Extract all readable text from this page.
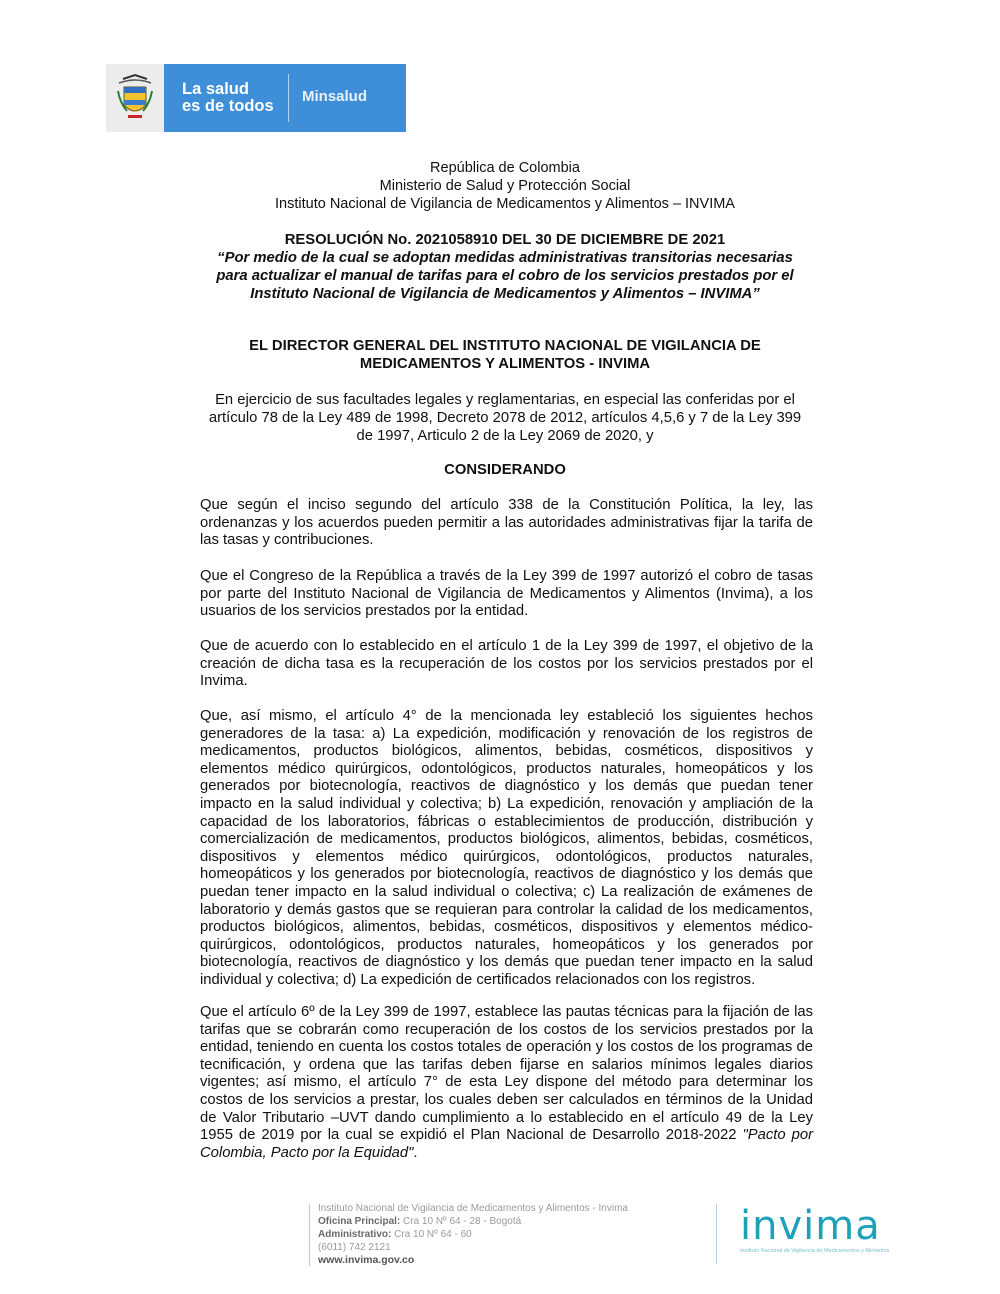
La salud
es de todos
Minsalud
República de Colombia
Ministerio de Salud y Protección Social
Instituto Nacional de Vigilancia de Medicamentos y Alimentos – INVIMA
RESOLUCIÓN No. 2021058910 DEL 30 DE DICIEMBRE DE 2021
“Por medio de la cual se adoptan medidas administrativas transitorias necesarias
para actualizar el manual de tarifas para el cobro de los servicios prestados por el
Instituto Nacional de Vigilancia de Medicamentos y Alimentos – INVIMA”
EL DIRECTOR GENERAL DEL INSTITUTO NACIONAL DE VIGILANCIA DE
MEDICAMENTOS Y ALIMENTOS - INVIMA
En ejercicio de sus facultades legales y reglamentarias, en especial las conferidas por el
artículo 78 de la Ley 489 de 1998, Decreto 2078 de 2012, artículos 4,5,6 y 7 de la Ley 399
de 1997, Articulo 2 de la Ley 2069 de 2020, y
CONSIDERANDO
Que según el inciso segundo del artículo 338 de la Constitución Política, la ley, las ordenanzas y los acuerdos pueden permitir a las autoridades administrativas fijar la tarifa de las tasas y contribuciones.
Que el Congreso de la República a través de la Ley 399 de 1997 autorizó el cobro de tasas por parte del Instituto Nacional de Vigilancia de Medicamentos y Alimentos (Invima), a los usuarios de los servicios prestados por la entidad.
Que de acuerdo con lo establecido en el artículo 1 de la Ley 399 de 1997, el objetivo de la creación de dicha tasa es la recuperación de los costos por los servicios prestados por el Invima.
Que, así mismo, el artículo 4° de la mencionada ley estableció los siguientes hechos generadores de la tasa: a) La expedición, modificación y renovación de los registros de medicamentos, productos biológicos, alimentos, bebidas, cosméticos, dispositivos y elementos médico quirúrgicos, odontológicos, productos naturales, homeopáticos y los generados por biotecnología, reactivos de diagnóstico y los demás que puedan tener impacto en la salud individual y colectiva; b) La expedición, renovación y ampliación de la capacidad de los laboratorios, fábricas o establecimientos de producción, distribución y comercialización de medicamentos, productos biológicos, alimentos, bebidas, cosméticos, dispositivos y elementos médico quirúrgicos, odontológicos, productos naturales, homeopáticos y los generados por biotecnología, reactivos de diagnóstico y los demás que puedan tener impacto en la salud individual o colectiva; c) La realización de exámenes de laboratorio y demás gastos que se requieran para controlar la calidad de los medicamentos, productos biológicos, alimentos, bebidas, cosméticos, dispositivos y elementos médico-quirúrgicos, odontológicos, productos naturales, homeopáticos y los generados por biotecnología, reactivos de diagnóstico y los demás que puedan tener impacto en la salud individual y colectiva; d) La expedición de certificados relacionados con los registros.
Que el artículo 6º de la Ley 399 de 1997, establece las pautas técnicas para la fijación de las tarifas que se cobrarán como recuperación de los costos de los servicios prestados por la entidad, teniendo en cuenta los costos totales de operación y los costos de los programas de tecnificación, y ordena que las tarifas deben fijarse en salarios mínimos legales diarios vigentes; así mismo, el artículo 7° de esta Ley dispone del método para determinar los costos de los servicios a prestar, los cuales deben ser calculados en términos de la Unidad de Valor Tributario –UVT dando cumplimiento a lo establecido en el artículo 49 de la Ley 1955 de 2019 por la cual se expidió el Plan Nacional de Desarrollo 2018-2022 "Pacto por Colombia, Pacto por la Equidad".
Instituto Nacional de Vigilancia de Medicamentos y Alimentos - Invima
Oficina Principal: Cra 10 Nº 64 - 28 - Bogotá
Administrativo: Cra 10 Nº 64 - 60
(6011) 742 2121
www.invima.gov.co
invima
Instituto Nacional de Vigilancia de Medicamentos y Alimentos
